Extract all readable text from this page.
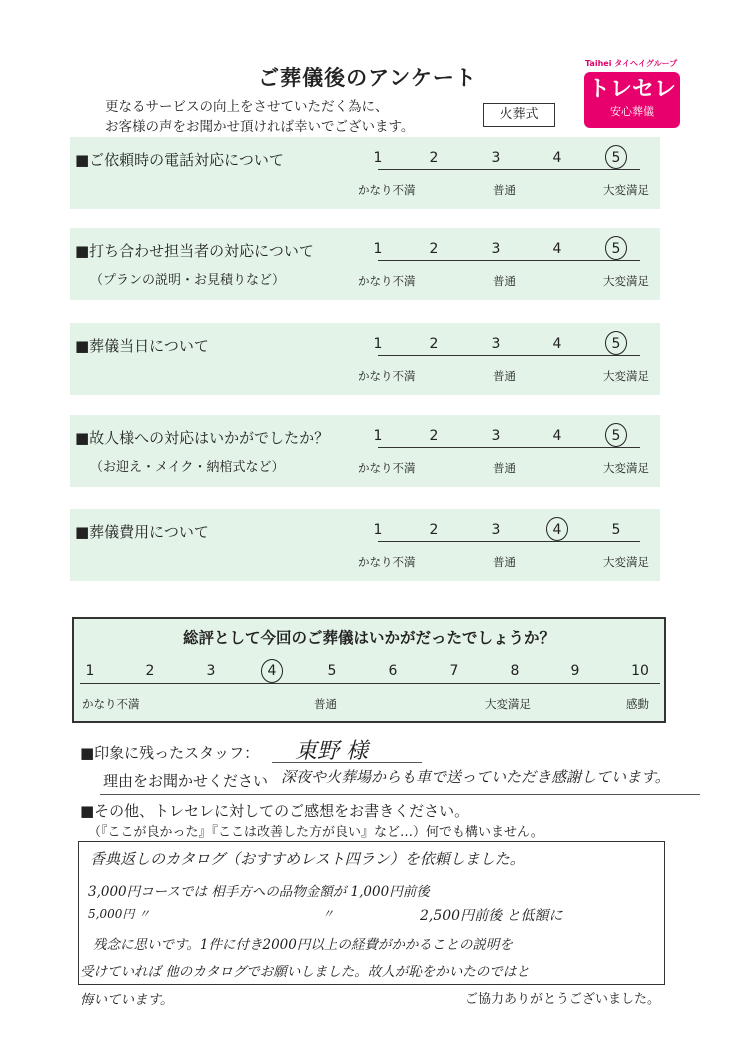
ご葬儀後のアンケート
更なるサービスの向上をさせていただく為に、
お客様の声をお聞かせ頂ければ幸いでございます。
火葬式
Taihei タイヘイグループ
トレセレ
安心葬儀
■ご依頼時の電話対応について	1	2	3	4	5
かなり不満	普通	大変満足
■打ち合わせ担当者の対応について
（プランの説明・お見積りなど）
1	2	3	4	5
かなり不満	普通	大変満足
■葬儀当日について	1	2	3	4	5
かなり不満	普通	大変満足
■故人様への対応はいかがでしたか？
（お迎え・メイク・納棺式など）
1	2	3	4	5
かなり不満	普通	大変満足
■葬儀費用について	1	2	3	4	5
かなり不満	普通	大変満足
総評として今回のご葬儀はいかがだったでしょうか？
1	2	3	4	5	6	7	8	9	10
かなり不満	普通	大変満足	感動
■印象に残ったスタッフ： 東野 様
理由をお聞かせください 深夜や火葬場からも車で送っていただき感謝しています。
■その他、トレセレに対してのご感想をお書きください。
（『ここが良かった』『ここは改善した方が良い』など…）何でも構いません。
香典返しのカタログ（おすすめレスト四ラン）を依頼しました。
3,000円コースでは 相手方への品物金額が 1,000円前後
5,000円 〃	〃	2,500円前後 と低額に
残念に思いです。1件に付き2000円以上の経費がかかることの説明を
受けていれば 他のカタログでお願いしました。故人が恥をかいたのではと
悔いています。	ご協力ありがとうございました。
